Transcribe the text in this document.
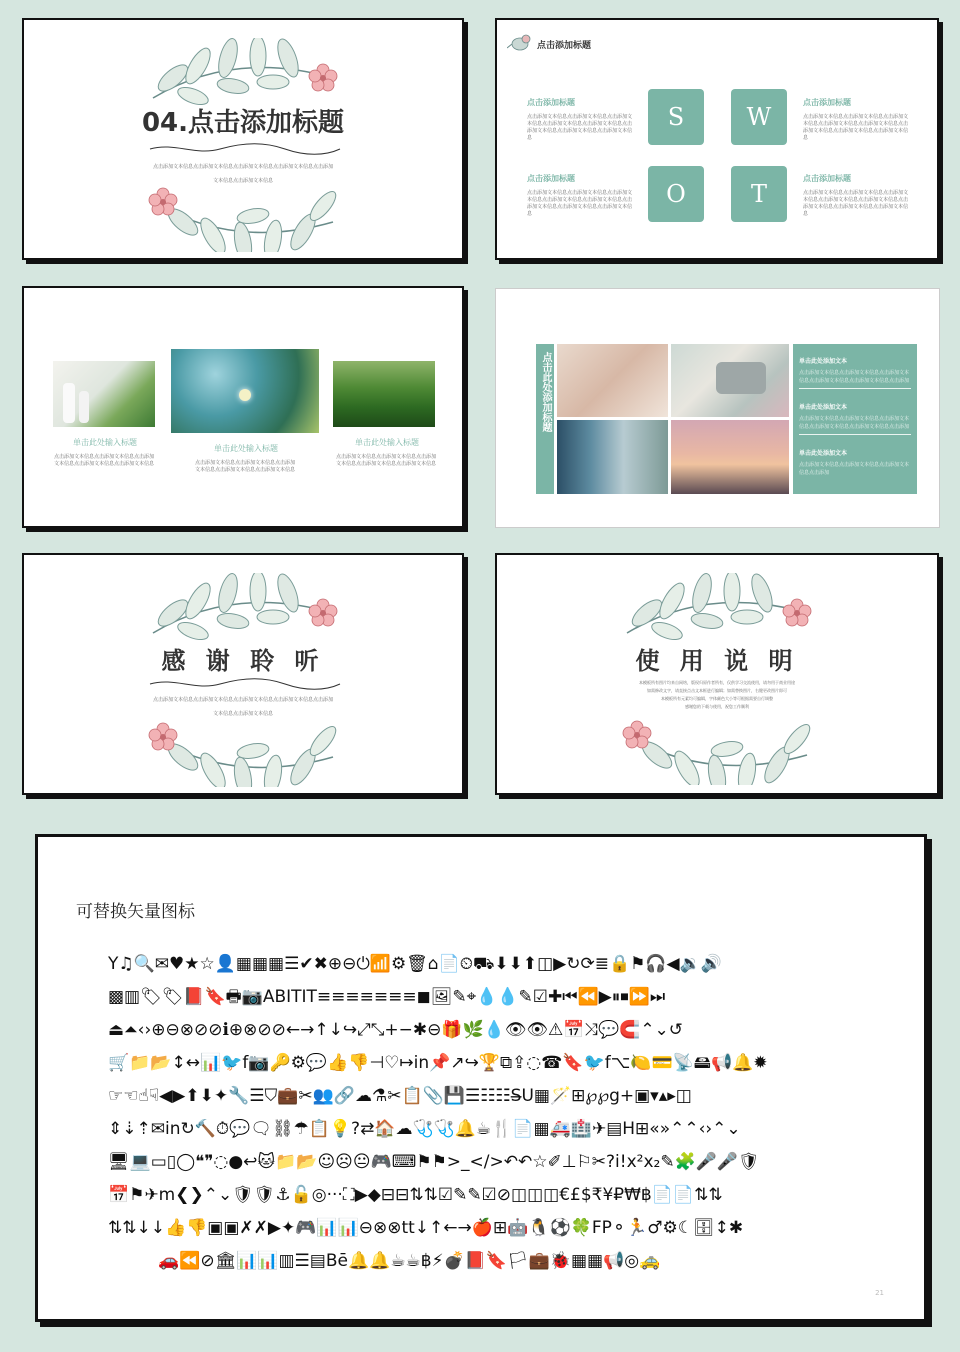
04.点击添加标题
点击添加文本信息点击添加文本信息点击添加文本信息点击添加文本信息点击添加
文本信息点击添加文本信息
点击添加标题
点击添加标题
点击添加文本信息点击添加文本信息点击添加文本信息点击添加文本信息点击添加文本信息点击添加文本信息点击添加文本信息点击添加文本信息
点击添加标题
点击添加文本信息点击添加文本信息点击添加文本信息点击添加文本信息点击添加文本信息点击添加文本信息点击添加文本信息点击添加文本信息
点击添加标题
点击添加文本信息点击添加文本信息点击添加文本信息点击添加文本信息点击添加文本信息点击添加文本信息点击添加文本信息点击添加文本信息
点击添加标题
点击添加文本信息点击添加文本信息点击添加文本信息点击添加文本信息点击添加文本信息点击添加文本信息点击添加文本信息点击添加文本信息
S	W
O	T
单击此处输入标题
点击添加文本信息点击添加文本信息点击添加文本信息点击添加文本信息点击添加文本信息
单击此处输入标题
点击添加文本信息点击添加文本信息点击添加文本信息点击添加文本信息点击添加文本信息
单击此处输入标题
点击添加文本信息点击添加文本信息点击添加文本信息点击添加文本信息点击添加文本信息
点击此处添加标题	单击此处添加文本
点击添加文本信息点击添加文本信息点击添加文本信息点击添加文本信息点击添加文本信息点击添加
单击此处添加文本
点击添加文本信息点击添加文本信息点击添加文本信息点击添加文本信息点击添加文本信息点击添加
单击此处添加文本
点击添加文本信息点击添加文本信息点击添加文本信息点击添加
感 谢 聆 听
点击添加文本信息点击添加文本信息点击添加文本信息点击添加文本信息点击添加
文本信息点击添加文本信息
使 用 说 明
本模板所有图片均来自网络，版权归原作者所有，仅供学习交流使用，请勿用于商业用途
如需修改文字，请直接点击文本框进行编辑；如需替换图片，右键更改图片即可
本模板所有元素均可编辑，字体颜色大小等可根据需要自行调整
感谢您的下载与使用，祝您工作顺利
可替换矢量图标
Y♫🔍✉♥★☆👤▦▦▦☰✔✖⊕⊖⏻📶⚙🗑⌂📄⏲⛟⬇⬇⬆◫▶↻⟳≣🔒⚑🎧◀🔉🔊
▩▥🏷🏷📕🔖🖶📷ABITIT≡≡≡≡≡≡≡◼🖼✎⌖💧💧✎☑✚⏮⏪▶⏸⏹⏩⏭
⏏⏶‹›⊕⊖⊗⊘⊘ℹ⊕⊗⊘⊘←→↑↓↪⤢⤡+−✱⊖🎁🌿💧👁👁⚠📅⤨💬🧲⌃⌄↺
🛒📁📂↕↔📊🐦f📷🔑⚙💬👍👎⊣♡↦in📌↗↪🏆⧉⇪◌☎🔖🐦f⌥🍋💳📡🖴📢🔔✹
☞☜☝☟◀▶⬆⬇✦🔧☰⛉💼✂👥🔗☁⚗✂📋📎💾☰☷☷S̶U▦🪄⊞℘℘g+▣▾▴▸◫
⇕⇣⇡✉in↻🔨⏱💬🗨⛓☂📋💡?⇄🏠☁🩺🩺🔔☕🍴📄▦🚑🏥✈▤H⊞«»⌃⌃‹›⌃⌄
🖥💻▭▯◯❝❞◌●↩🐱📁📂☺☹😐🎮⌨⚑⚑>_</>↶↶☆✐⊥⚐✂?i!x²x₂✎🧩🎤🎤🛡
📅⚑✈m❮❯⌃⌄🛡🛡⚓🔓◎···⛶▶◆⊟⊟⇅⇅☑✎✎☑⊘◫◫◫€£$₹¥₽₩฿📄📄⇅⇅
⇅⇅↓↓👍👎▣▣✗✗▶✦🎮📊📊⊖⊗⊗tt↓↑←→🍎⊞🤖🐧⚽🍀FP⚬🏃♂⚙☾🗄↕✱
🚗⏪⊘🏛📊📊▥☰▤Bē🔔🔔☕☕฿⚡💣📕🔖🏳💼🐞▦▦📢◎🚕
21
